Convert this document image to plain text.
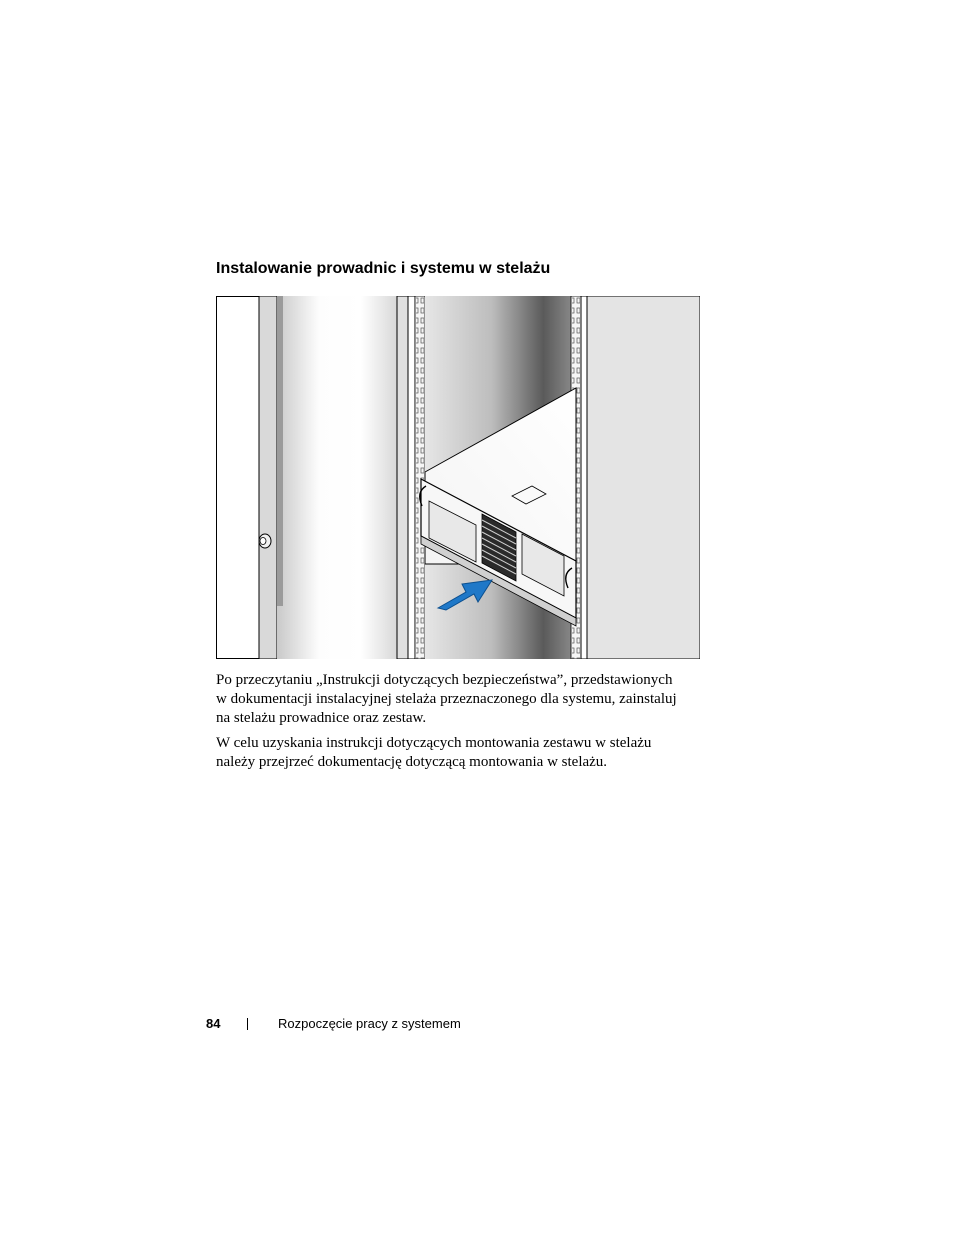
Instalowanie prowadnic i systemu w stelażu

Po przeczytaniu „Instrukcji dotyczących bezpieczeństwa”, przedstawionych
w dokumentacji instalacyjnej stelaża przeznaczonego dla systemu, zainstaluj
na stelażu prowadnice oraz zestaw.

W celu uzyskania instrukcji dotyczących montowania zestawu w stelażu
należy przejrzeć dokumentację dotyczącą montowania w stelażu.

84	Rozpoczęcie pracy z systemem
